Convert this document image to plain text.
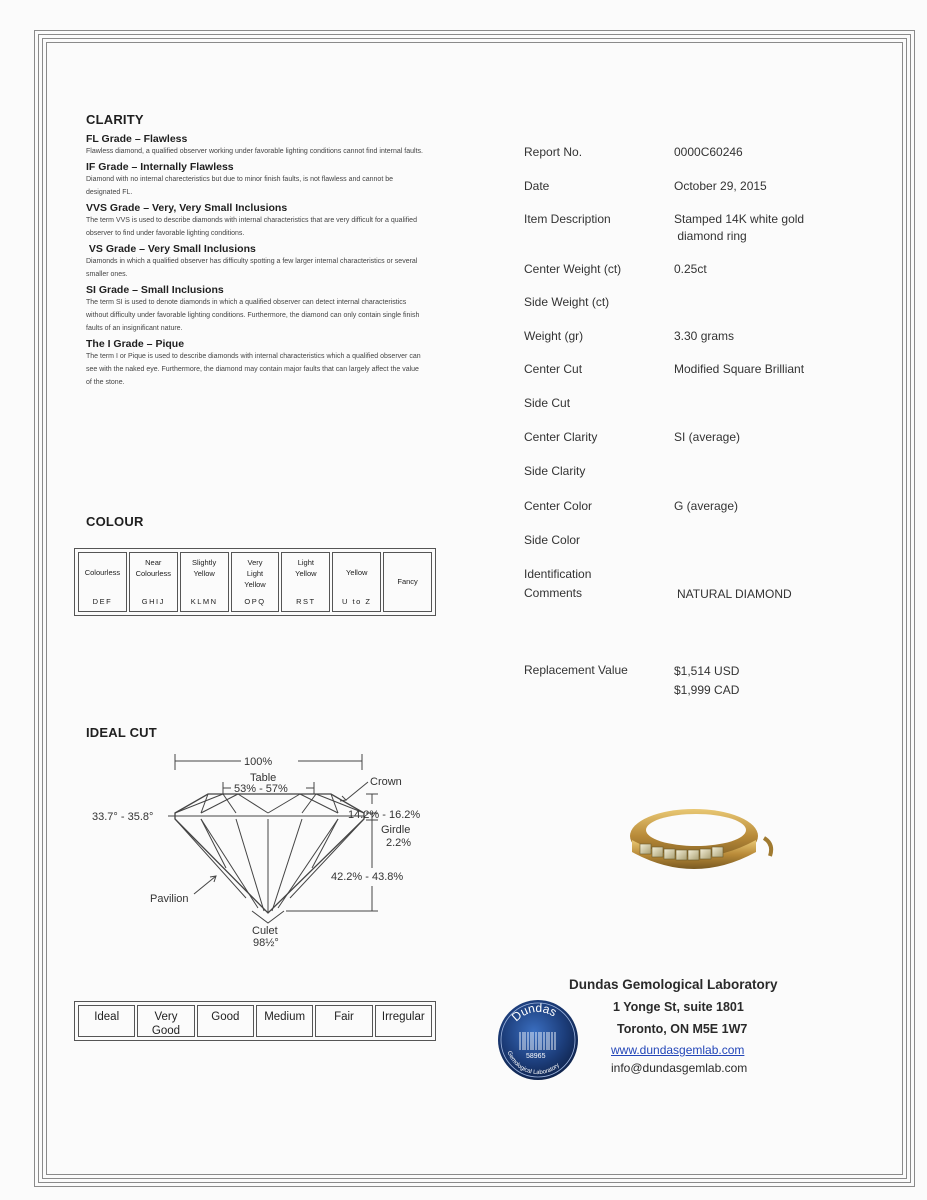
CLARITY

FL Grade – Flawless

Flawless diamond, a qualified observer working under favorable lighting conditions cannot find internal faults.

IF Grade – Internally Flawless

Diamond with no internal charecteristics but due to minor finish faults, is not flawless and cannot be designated FL.

VVS Grade – Very, Very Small Inclusions

The term VVS is used to describe diamonds with internal characteristics that are very difficult for a qualified observer to find under favorable lighting conditions.

VS Grade – Very Small Inclusions

Diamonds in which a qualified observer has difficulty spotting a few larger internal characteristics or several smaller ones.

SI Grade – Small Inclusions

The term SI is used to denote diamonds in which a qualified observer can detect internal characteristics without difficulty under favorable lighting conditions. Furthermore, the diamond can only contain single finish faults of an insignificant nature.

The I Grade – Pique

The term I or Pique is used to describe diamonds with internal characteristics which a qualified observer can see with the naked eye. Furthermore, the diamond may contain major faults that can largely affect the value of the stone.

COLOUR
Colourless
DEF
Near
Colourless
GHIJ
Slightly
Yellow
KLMN
Very
Light
Yellow
OPQ
Light
Yellow
RST
Yellow
U to Z
Fancy
IDEAL CUT
100%
Table
53% - 57%
Crown
33.7° - 35.8°	14.2% - 16.2%
Girdle
2.2%
42.2% - 43.8%
Pavilion
Culet
98½°
Ideal	Very
Good
Good	Medium	Fair	Irregular
Report No.	0000C60246
Date	October 29, 2015
Item Description	Stamped 14K white gold
diamond ring
Center Weight (ct)	0.25ct
Side Weight (ct)
Weight (gr)	3.30 grams
Center Cut	Modified Square Brilliant
Side Cut
Center Clarity	SI (average)
Side Clarity
Center Color	G (average)
Side Color
Identification
Comments	NATURAL DIAMOND
Replacement Value	$1,514 USD
$1,999 CAD
Dundas Gemological Laboratory
1 Yonge St, suite 1801
Toronto, ON M5E 1W7
www.dundasgemlab.com
info@dundasgemlab.com
Dundas
58965
Gemological Laboratory
